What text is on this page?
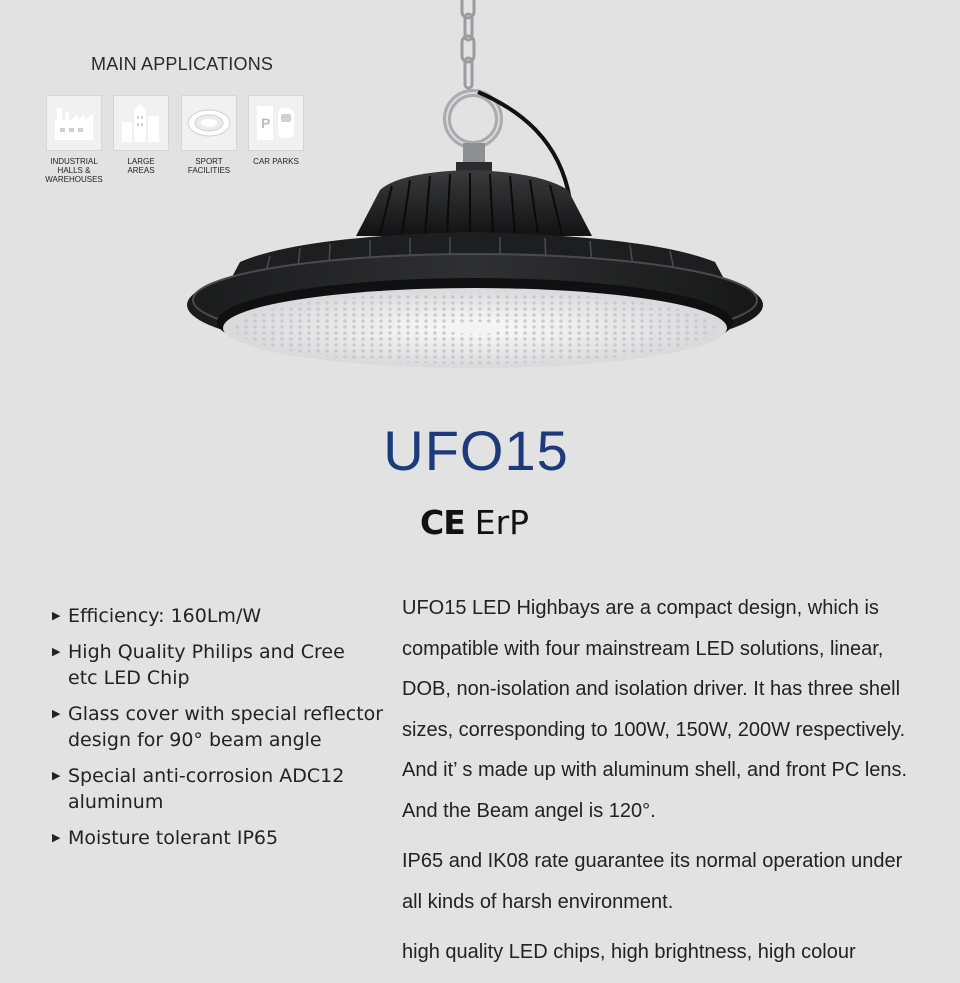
MAIN APPLICATIONS
INDUSTRIAL
HALLS &
WAREHOUSES
LARGE
AREAS
SPORT
FACILITIES
P
CAR PARKS
UFO15
CE ErP
▶ Efficiency: 160Lm/W
▶ High Quality Philips and Cree
etc LED Chip
▶ Glass cover with special reflector
design for 90° beam angle
▶ Special anti-corrosion ADC12
aluminum
▶ Moisture tolerant IP65

UFO15 LED Highbays are a compact design, which is compatible with four mainstream LED solutions, linear, DOB, non-isolation and isolation driver. It has three shell sizes, corresponding to 100W, 150W, 200W respectively. And it’ s made up with aluminum shell, and front PC lens. And the Beam angel is 120°.

IP65 and IK08 rate guarantee its normal operation under all kinds of harsh environment.

high quality LED chips, high brightness, high colour
